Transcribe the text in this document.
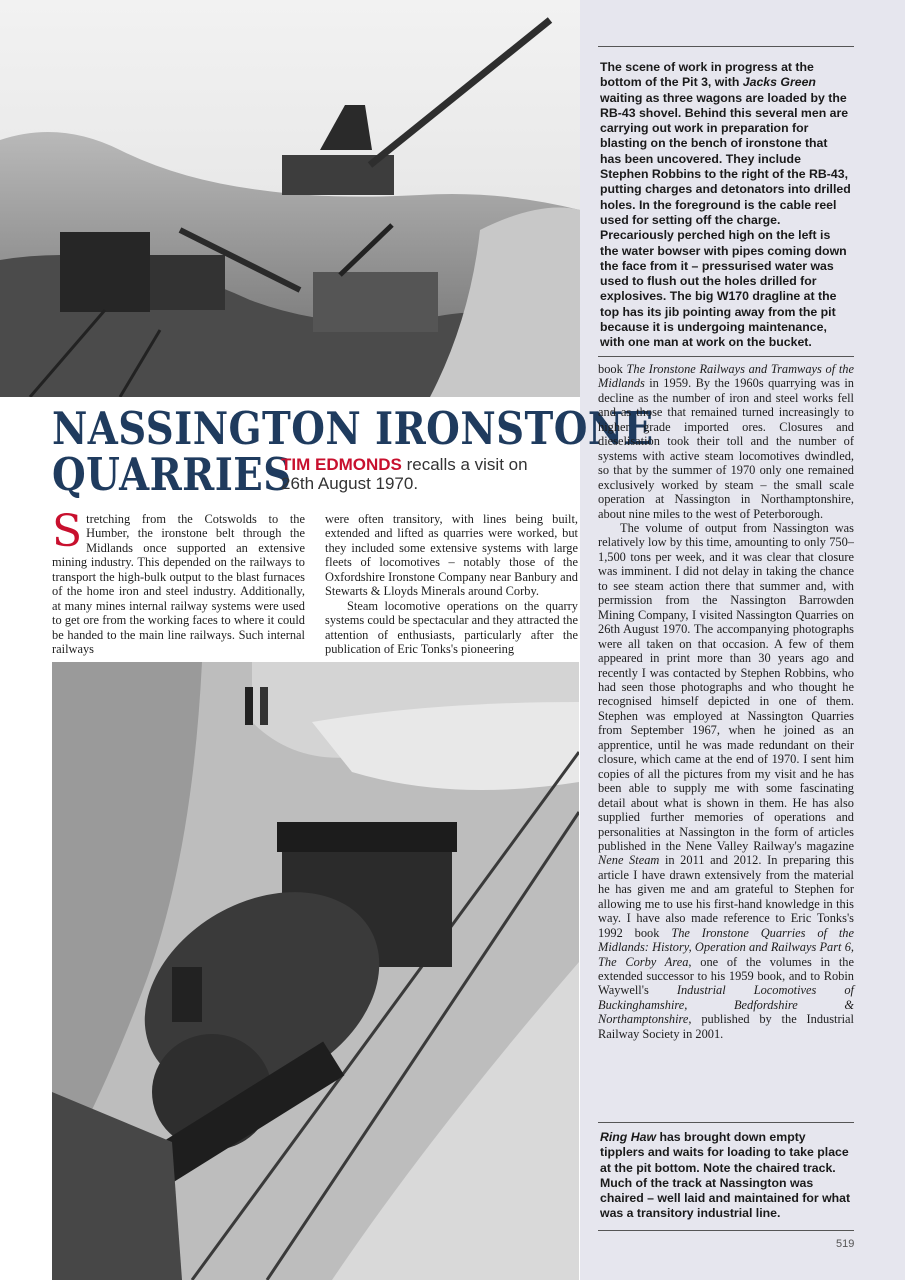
The scene of work in progress at the bottom of the Pit 3, with Jacks Green waiting as three wagons are loaded by the RB-43 shovel. Behind this several men are carrying out work in preparation for blasting on the bench of ironstone that has been uncovered. They include Stephen Robbins to the right of the RB-43, putting charges and detonators into drilled holes. In the foreground is the cable reel used for setting off the charge. Precariously perched high on the left is the water bowser with pipes coming down the face from it – pressurised water was used to flush out the holes drilled for explosives. The big W170 dragline at the top has its jib pointing away from the pit because it is undergoing maintenance, with one man at work on the bucket.

NASSINGTON IRONSTONE
QUARRIES

TIM EDMONDS recalls a visit on 26th August 1970.

Stretching from the Cotswolds to the Humber, the ironstone belt through the Midlands once supported an extensive mining industry. This depended on the railways to transport the high-bulk output to the blast furnaces of the home iron and steel industry. Additionally, at many mines internal railway systems were used to get ore from the working faces to where it could be handed to the main line railways. Such internal railways

were often transitory, with lines being built, extended and lifted as quarries were worked, but they included some extensive systems with large fleets of locomotives – notably those of the Oxfordshire Ironstone Company near Banbury and Stewarts & Lloyds Minerals around Corby.

Steam locomotive operations on the quarry systems could be spectacular and they attracted the attention of enthusiasts, particularly after the publication of Eric Tonks's pioneering

book The Ironstone Railways and Tramways of the Midlands in 1959. By the 1960s quarrying was in decline as the number of iron and steel works fell and as those that remained turned increasingly to higher grade imported ores. Closures and dieselisation took their toll and the number of systems with active steam locomotives dwindled, so that by the summer of 1970 only one remained exclusively worked by steam – the small scale operation at Nassington in Northamptonshire, about nine miles to the west of Peterborough.

The volume of output from Nassington was relatively low by this time, amounting to only 750–1,500 tons per week, and it was clear that closure was imminent. I did not delay in taking the chance to see steam action there that summer and, with permission from the Nassington Barrowden Mining Company, I visited Nassington Quarries on 26th August 1970. The accompanying photographs were all taken on that occasion. A few of them appeared in print more than 30 years ago and recently I was contacted by Stephen Robbins, who had seen those photographs and who thought he recognised himself depicted in one of them. Stephen was employed at Nassington Quarries from September 1967, when he joined as an apprentice, until he was made redundant on their closure, which came at the end of 1970. I sent him copies of all the pictures from my visit and he has been able to supply me with some fascinating detail about what is shown in them. He has also supplied further memories of operations and personalities at Nassington in the form of articles published in the Nene Valley Railway's magazine Nene Steam in 2011 and 2012. In preparing this article I have drawn extensively from the material he has given me and am grateful to Stephen for allowing me to use his first-hand knowledge in this way. I have also made reference to Eric Tonks's 1992 book The Ironstone Quarries of the Midlands: History, Operation and Railways Part 6, The Corby Area, one of the volumes in the extended successor to his 1959 book, and to Robin Waywell's Industrial Locomotives of Buckinghamshire, Bedfordshire & Northamptonshire, published by the Industrial Railway Society in 2001.

Ring Haw has brought down empty tipplers and waits for loading to take place at the pit bottom. Note the chaired track. Much of the track at Nassington was chaired – well laid and maintained for what was a transitory industrial line.

519
